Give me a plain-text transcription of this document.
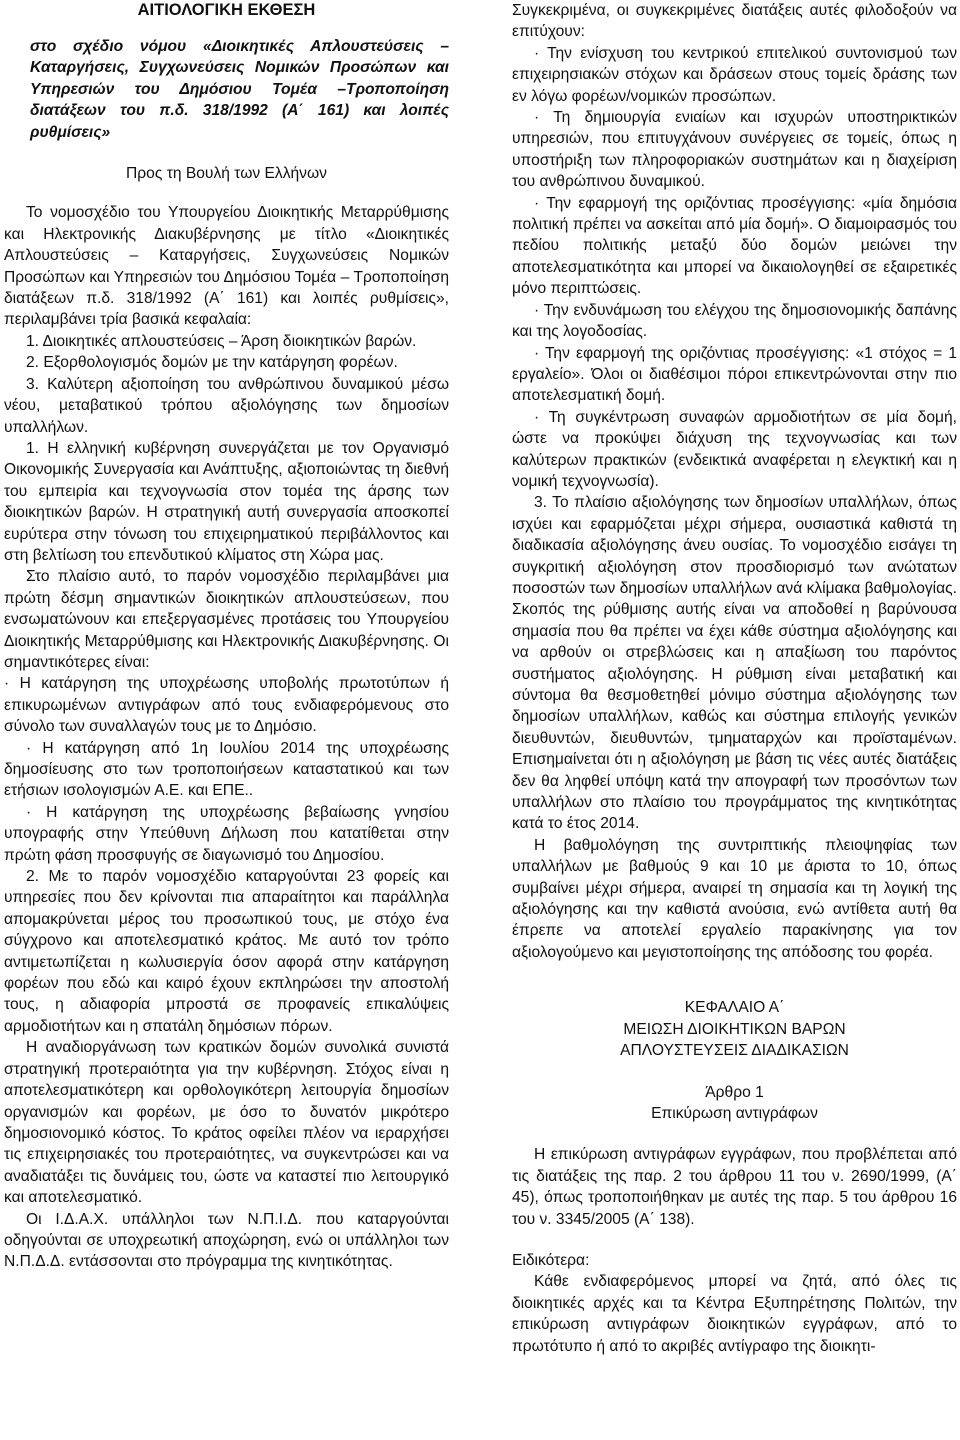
ΑΙΤΙΟΛΟΓΙΚΗ ΕΚΘΕΣΗ

στο σχέδιο νόμου «Διοικητικές Απλουστεύσεις – Καταργήσεις, Συγχωνεύσεις Νομικών Προσώπων και Υπηρεσιών του Δημόσιου Τομέα –Τροποποίηση διατάξεων του π.δ. 318/1992 (Α΄ 161) και λοιπές ρυθμίσεις»

Προς τη Βουλή των Ελλήνων

Το νομοσχέδιο του Υπουργείου Διοικητικής Μεταρρύθμισης και Ηλεκτρονικής Διακυβέρνησης με τίτλο «Διοικητικές Απλουστεύσεις – Καταργήσεις, Συγχωνεύσεις Νομικών Προσώπων και Υπηρεσιών του Δημόσιου Τομέα – Τροποποίηση διατάξεων π.δ. 318/1992 (Α΄ 161) και λοιπές ρυθμίσεις», περιλαμβάνει τρία βασικά κεφαλαία:

1. Διοικητικές απλουστεύσεις – Άρση διοικητικών βαρών.

2. Εξορθολογισμός δομών με την κατάργηση φορέων.

3. Καλύτερη αξιοποίηση του ανθρώπινου δυναμικού μέσω νέου, μεταβατικού τρόπου αξιολόγησης των δημοσίων υπαλλήλων.

1. Η ελληνική κυβέρνηση συνεργάζεται με τον Οργανισμό Οικονομικής Συνεργασία και Ανάπτυξης, αξιοποιώντας τη διεθνή του εμπειρία και τεχνογνωσία στον τομέα της άρσης των διοικητικών βαρών. Η στρατηγική αυτή συνεργασία αποσκοπεί ευρύτερα στην τόνωση του επιχειρηματικού περιβάλλοντος και στη βελτίωση του επενδυτικού κλίματος στη Χώρα μας.

Στο πλαίσιο αυτό, το παρόν νομοσχέδιο περιλαμβάνει μια πρώτη δέσμη σημαντικών διοικητικών απλουστεύσεων, που ενσωματώνουν και επεξεργασμένες προτάσεις του Υπουργείου Διοικητικής Μεταρρύθμισης και Ηλεκτρονικής Διακυβέρνησης. Οι σημαντικότερες είναι:

· Η κατάργηση της υποχρέωσης υποβολής πρωτοτύπων ή επικυρωμένων αντιγράφων από τους ενδιαφερόμενους στο σύνολο των συναλλαγών τους με το Δημόσιο.

· Η κατάργηση από 1η Ιουλίου 2014 της υποχρέωσης δημοσίευσης στο των τροποποιήσεων καταστατικού και των ετήσιων ισολογισμών Α.Ε. και ΕΠΕ..

· Η κατάργηση της υποχρέωσης βεβαίωσης γνησίου υπογραφής στην Υπεύθυνη Δήλωση που κατατίθεται στην πρώτη φάση προσφυγής σε διαγωνισμό του Δημοσίου.

2. Με το παρόν νομοσχέδιο καταργούνται 23 φορείς και υπηρεσίες που δεν κρίνονται πια απαραίτητοι και παράλληλα απομακρύνεται μέρος του προσωπικού τους, με στόχο ένα σύγχρονο και αποτελεσματικό κράτος. Με αυτό τον τρόπο αντιμετωπίζεται η κωλυσιεργία όσον αφορά στην κατάργηση φορέων που εδώ και καιρό έχουν εκπληρώσει την αποστολή τους, η αδιαφορία μπροστά σε προφανείς επικαλύψεις αρμοδιοτήτων και η σπατάλη δημόσιων πόρων.

Η αναδιοργάνωση των κρατικών δομών συνολικά συνιστά στρατηγική προτεραιότητα για την κυβέρνηση. Στόχος είναι η αποτελεσματικότερη και ορθολογικότερη λειτουργία δημοσίων οργανισμών και φορέων, με όσο το δυνατόν μικρότερο δημοσιονομικό κόστος. Το κράτος οφείλει πλέον να ιεραρχήσει τις επιχειρησιακές του προτεραιότητες, να συγκεντρώσει και να αναδιατάξει τις δυνάμεις του, ώστε να καταστεί πιο λειτουργικό και αποτελεσματικό.

Οι Ι.Δ.Α.Χ. υπάλληλοι των Ν.Π.Ι.Δ. που καταργούνται οδηγούνται σε υποχρεωτική αποχώρηση, ενώ οι υπάλληλοι των Ν.Π.Δ.Δ. εντάσσονται στο πρόγραμμα της κινητικότητας.

Συγκεκριμένα, οι συγκεκριμένες διατάξεις αυτές φιλοδοξούν να επιτύχουν:

· Την ενίσχυση του κεντρικού επιτελικού συντονισμού των επιχειρησιακών στόχων και δράσεων στους τομείς δράσης των εν λόγω φορέων/νομικών προσώπων.

· Τη δημιουργία ενιαίων και ισχυρών υποστηρικτικών υπηρεσιών, που επιτυγχάνουν συνέργειες σε τομείς, όπως η υποστήριξη των πληροφοριακών συστημάτων και η διαχείριση του ανθρώπινου δυναμικού.

· Την εφαρμογή της οριζόντιας προσέγγισης: «μία δημόσια πολιτική πρέπει να ασκείται από μία δομή». Ο διαμοιρασμός του πεδίου πολιτικής μεταξύ δύο δομών μειώνει την αποτελεσματικότητα και μπορεί να δικαιολογηθεί σε εξαιρετικές μόνο περιπτώσεις.

· Την ενδυνάμωση του ελέγχου της δημοσιονομικής δαπάνης και της λογοδοσίας.

· Την εφαρμογή της οριζόντιας προσέγγισης: «1 στόχος = 1 εργαλείο». Όλοι οι διαθέσιμοι πόροι επικεντρώνονται στην πιο αποτελεσματική δομή.

· Τη συγκέντρωση συναφών αρμοδιοτήτων σε μία δομή, ώστε να προκύψει διάχυση της τεχνογνωσίας και των καλύτερων πρακτικών (ενδεικτικά αναφέρεται η ελεγκτική και η νομική τεχνογνωσία).

3. Το πλαίσιο αξιολόγησης των δημοσίων υπαλλήλων, όπως ισχύει και εφαρμόζεται μέχρι σήμερα, ουσιαστικά καθιστά τη διαδικασία αξιολόγησης άνευ ουσίας. Το νομοσχέδιο εισάγει τη συγκριτική αξιολόγηση στον προσδιορισμό των ανώτατων ποσοστών των δημοσίων υπαλλήλων ανά κλίμακα βαθμολογίας. Σκοπός της ρύθμισης αυτής είναι να αποδοθεί η βαρύνουσα σημασία που θα πρέπει να έχει κάθε σύστημα αξιολόγησης και να αρθούν οι στρεβλώσεις και η απαξίωση του παρόντος συστήματος αξιολόγησης. Η ρύθμιση είναι μεταβατική και σύντομα θα θεσμοθετηθεί μόνιμο σύστημα αξιολόγησης των δημοσίων υπαλλήλων, καθώς και σύστημα επιλογής γενικών διευθυντών, διευθυντών, τμηματαρχών και προϊσταμένων. Επισημαίνεται ότι η αξιολόγηση με βάση τις νέες αυτές διατάξεις δεν θα ληφθεί υπόψη κατά την απογραφή των προσόντων των υπαλλήλων στο πλαίσιο του προγράμματος της κινητικότητας κατά το έτος 2014.

Η βαθμολόγηση της συντριπτικής πλειοψηφίας των υπαλλήλων με βαθμούς 9 και 10 με άριστα το 10, όπως συμβαίνει μέχρι σήμερα, αναιρεί τη σημασία και τη λογική της αξιολόγησης και την καθιστά ανούσια, ενώ αντίθετα αυτή θα έπρεπε να αποτελεί εργαλείο παρακίνησης για τον αξιολογούμενο και μεγιστοποίησης της απόδοσης του φορέα.

ΚΕΦΑΛΑΙΟ Α΄

ΜΕΙΩΣΗ ΔΙΟΙΚΗΤΙΚΩΝ ΒΑΡΩΝ

ΑΠΛΟΥΣΤΕΥΣΕΙΣ ΔΙΑΔΙΚΑΣΙΩΝ

Άρθρο 1

Επικύρωση αντιγράφων

Η επικύρωση αντιγράφων εγγράφων, που προβλέπεται από τις διατάξεις της παρ. 2 του άρθρου 11 του ν. 2690/1999, (Α΄ 45), όπως τροποποιήθηκαν με αυτές της παρ. 5 του άρθρου 16 του ν. 3345/2005 (Α΄ 138).

Ειδικότερα:

Κάθε ενδιαφερόμενος μπορεί να ζητά, από όλες τις διοικητικές αρχές και τα Κέντρα Εξυπηρέτησης Πολιτών, την επικύρωση αντιγράφων διοικητικών εγγράφων, από το πρωτότυπο ή από το ακριβές αντίγραφο της διοικητι-
